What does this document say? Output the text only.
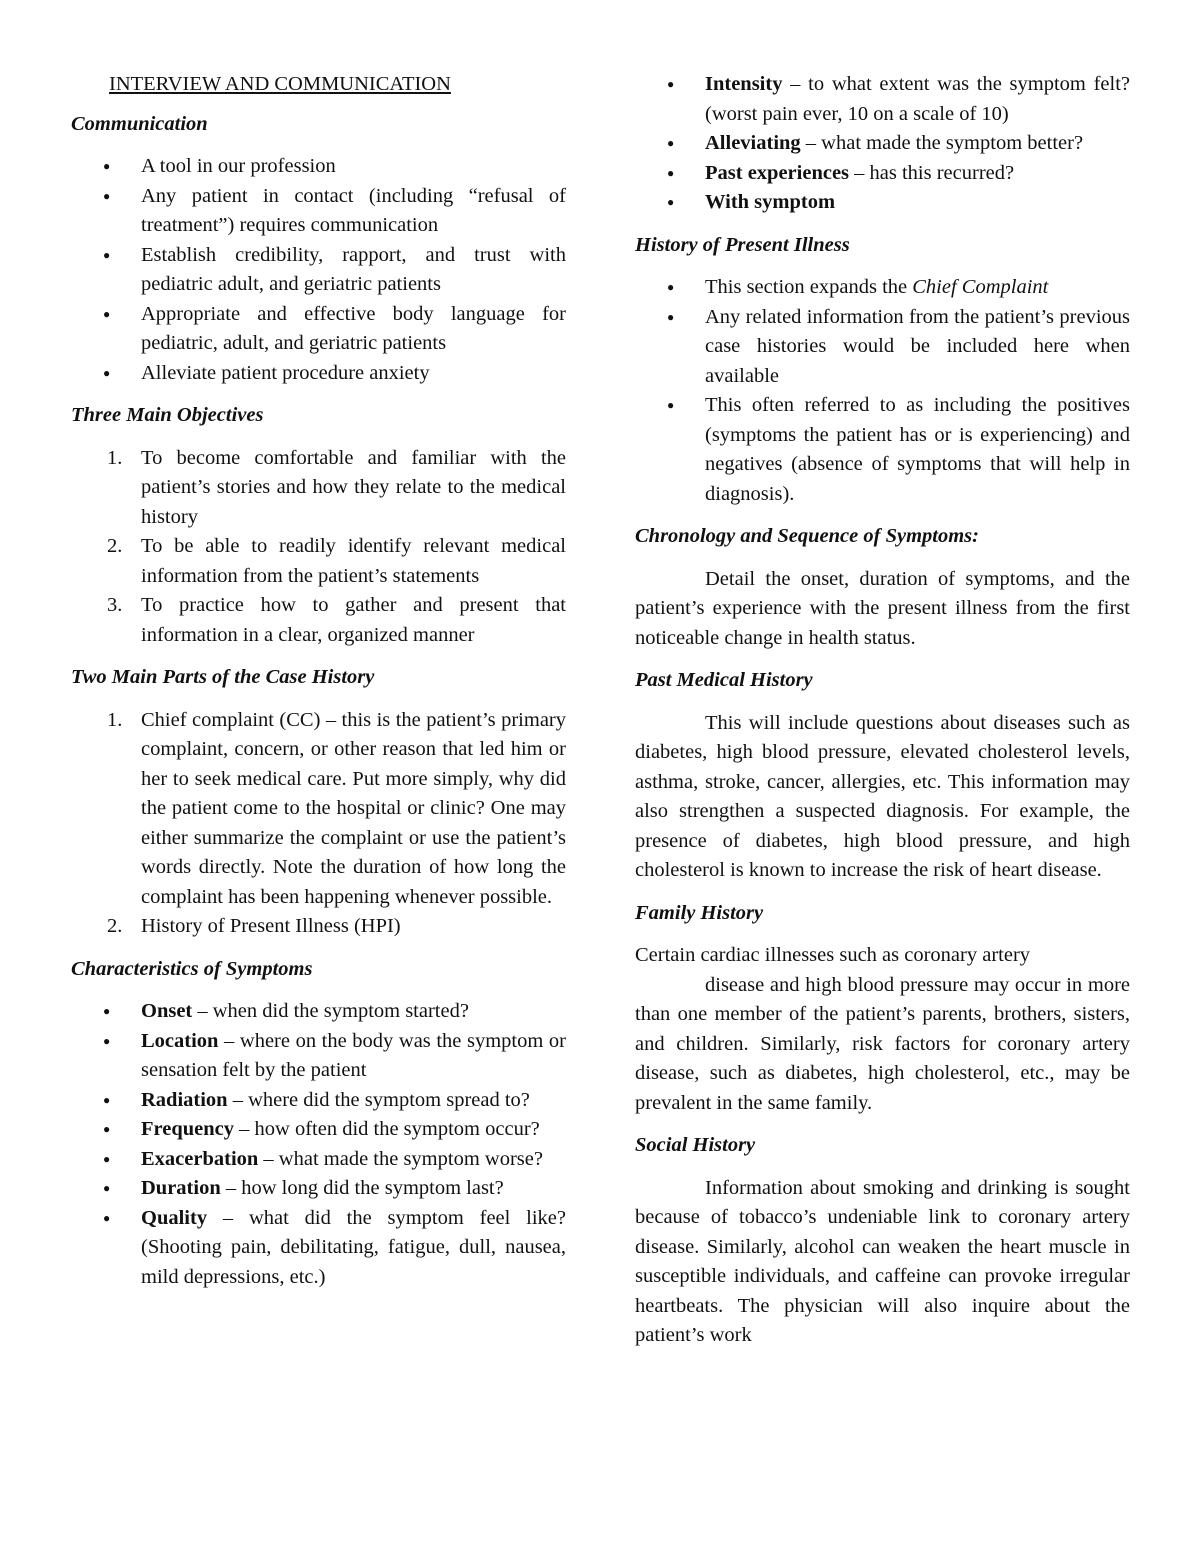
INTERVIEW AND COMMUNICATION
Communication
● A tool in our profession
● Any patient in contact (including “refusal of treatment”) requires communication
● Establish credibility, rapport, and trust with pediatric adult, and geriatric patients
● Appropriate and effective body language for pediatric, adult, and geriatric patients
● Alleviate patient procedure anxiety
Three Main Objectives
1. To become comfortable and familiar with the patient’s stories and how they relate to the medical history
2. To be able to readily identify relevant medical information from the patient’s statements
3. To practice how to gather and present that information in a clear, organized manner
Two Main Parts of the Case History
1. Chief complaint (CC) – this is the patient’s primary complaint, concern, or other reason that led him or her to seek medical care. Put more simply, why did the patient come to the hospital or clinic? One may either summarize the complaint or use the patient’s words directly. Note the duration of how long the complaint has been happening whenever possible.
2. History of Present Illness (HPI)
Characteristics of Symptoms
● Onset – when did the symptom started?
● Location – where on the body was the symptom or sensation felt by the patient
● Radiation – where did the symptom spread to?
● Frequency – how often did the symptom occur?
● Exacerbation – what made the symptom worse?
● Duration – how long did the symptom last?
● Quality – what did the symptom feel like? (Shooting pain, debilitating, fatigue, dull, nausea, mild depressions, etc.)
● Intensity – to what extent was the symptom felt? (worst pain ever, 10 on a scale of 10)
● Alleviating – what made the symptom better?
● Past experiences – has this recurred?
● With symptom
History of Present Illness
● This section expands the Chief Complaint
● Any related information from the patient’s previous case histories would be included here when available
● This often referred to as including the positives (symptoms the patient has or is experiencing) and negatives (absence of symptoms that will help in diagnosis).
Chronology and Sequence of Symptoms:

Detail the onset, duration of symptoms, and the patient’s experience with the present illness from the first noticeable change in health status.

Past Medical History

This will include questions about diseases such as diabetes, high blood pressure, elevated cholesterol levels, asthma, stroke, cancer, allergies, etc. This information may also strengthen a suspected diagnosis. For example, the presence of diabetes, high blood pressure, and high cholesterol is known to increase the risk of heart disease.

Family History

Certain cardiac illnesses such as coronary artery

disease and high blood pressure may occur in more than one member of the patient’s parents, brothers, sisters, and children. Similarly, risk factors for coronary artery disease, such as diabetes, high cholesterol, etc., may be prevalent in the same family.

Social History

Information about smoking and drinking is sought because of tobacco’s undeniable link to coronary artery disease. Similarly, alcohol can weaken the heart muscle in susceptible individuals, and caffeine can provoke irregular heartbeats. The physician will also inquire about the patient’s work
